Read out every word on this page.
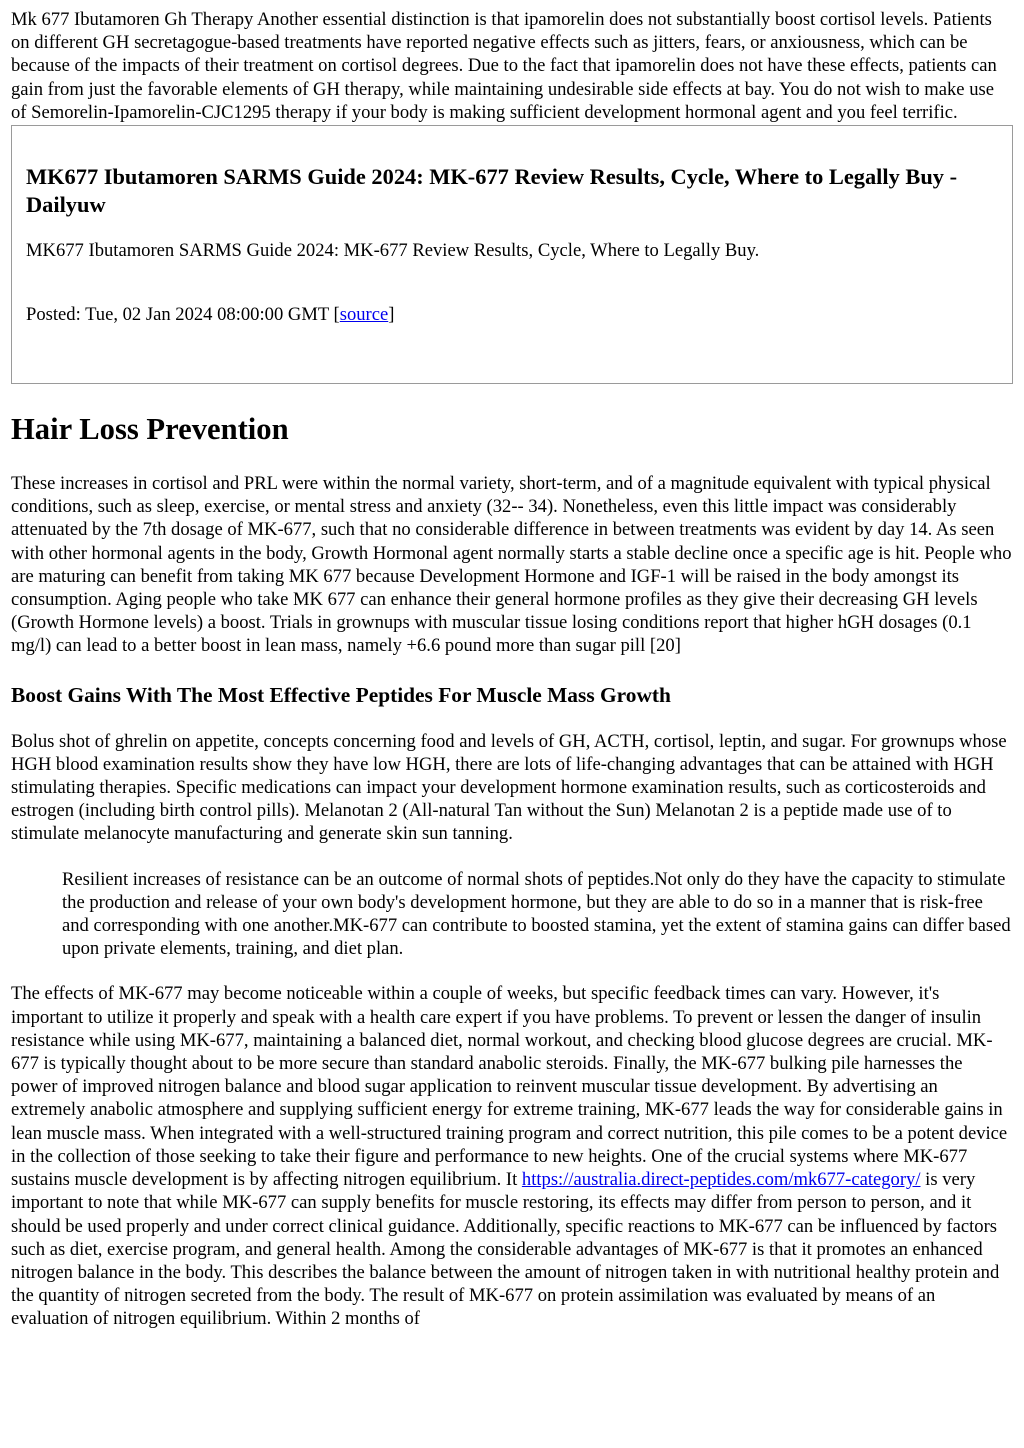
Mk 677 Ibutamoren Gh Therapy Another essential distinction is that ipamorelin does not substantially boost cortisol levels. Patients on different GH secretagogue-based treatments have reported negative effects such as jitters, fears, or anxiousness, which can be because of the impacts of their treatment on cortisol degrees. Due to the fact that ipamorelin does not have these effects, patients can gain from just the favorable elements of GH therapy, while maintaining undesirable side effects at bay. You do not wish to make use of Semorelin-Ipamorelin-CJC1295 therapy if your body is making sufficient development hormonal agent and you feel terrific.

MK677 Ibutamoren SARMS Guide 2024: MK-677 Review Results, Cycle, Where to Legally Buy - Dailyuw

MK677 Ibutamoren SARMS Guide 2024: MK-677 Review Results, Cycle, Where to Legally Buy.

Posted: Tue, 02 Jan 2024 08:00:00 GMT [source]

Hair Loss Prevention

These increases in cortisol and PRL were within the normal variety, short-term, and of a magnitude equivalent with typical physical conditions, such as sleep, exercise, or mental stress and anxiety (32-- 34). Nonetheless, even this little impact was considerably attenuated by the 7th dosage of MK-677, such that no considerable difference in between treatments was evident by day 14. As seen with other hormonal agents in the body, Growth Hormonal agent normally starts a stable decline once a specific age is hit. People who are maturing can benefit from taking MK 677 because Development Hormone and IGF-1 will be raised in the body amongst its consumption. Aging people who take MK 677 can enhance their general hormone profiles as they give their decreasing GH levels (Growth Hormone levels) a boost. Trials in grownups with muscular tissue losing conditions report that higher hGH dosages (0.1 mg/l) can lead to a better boost in lean mass, namely +6.6 pound more than sugar pill [20]

Boost Gains With The Most Effective Peptides For Muscle Mass Growth

Bolus shot of ghrelin on appetite, concepts concerning food and levels of GH, ACTH, cortisol, leptin, and sugar. For grownups whose HGH blood examination results show they have low HGH, there are lots of life-changing advantages that can be attained with HGH stimulating therapies. Specific medications can impact your development hormone examination results, such as corticosteroids and estrogen (including birth control pills). Melanotan 2 (All-natural Tan without the Sun) Melanotan 2 is a peptide made use of to stimulate melanocyte manufacturing and generate skin sun tanning.

Resilient increases of resistance can be an outcome of normal shots of peptides.Not only do they have the capacity to stimulate the production and release of your own body's development hormone, but they are able to do so in a manner that is risk-free and corresponding with one another.MK-677 can contribute to boosted stamina, yet the extent of stamina gains can differ based upon private elements, training, and diet plan.

The effects of MK-677 may become noticeable within a couple of weeks, but specific feedback times can vary. However, it's important to utilize it properly and speak with a health care expert if you have problems. To prevent or lessen the danger of insulin resistance while using MK-677, maintaining a balanced diet, normal workout, and checking blood glucose degrees are crucial. MK-677 is typically thought about to be more secure than standard anabolic steroids. Finally, the MK-677 bulking pile harnesses the power of improved nitrogen balance and blood sugar application to reinvent muscular tissue development. By advertising an extremely anabolic atmosphere and supplying sufficient energy for extreme training, MK-677 leads the way for considerable gains in lean muscle mass. When integrated with a well-structured training program and correct nutrition, this pile comes to be a potent device in the collection of those seeking to take their figure and performance to new heights. One of the crucial systems where MK-677 sustains muscle development is by affecting nitrogen equilibrium. It https://australia.direct-peptides.com/mk677-category/ is very important to note that while MK-677 can supply benefits for muscle restoring, its effects may differ from person to person, and it should be used properly and under correct clinical guidance. Additionally, specific reactions to MK-677 can be influenced by factors such as diet, exercise program, and general health. Among the considerable advantages of MK-677 is that it promotes an enhanced nitrogen balance in the body. This describes the balance between the amount of nitrogen taken in with nutritional healthy protein and the quantity of nitrogen secreted from the body. The result of MK-677 on protein assimilation was evaluated by means of an evaluation of nitrogen equilibrium. Within 2 months of
